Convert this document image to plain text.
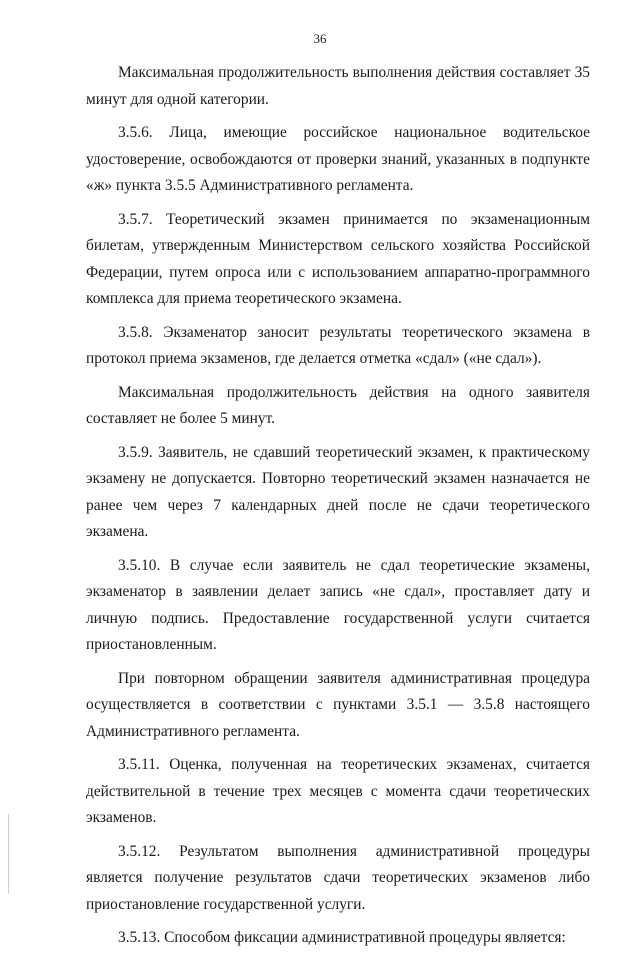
36

Максимальная продолжительность выполнения действия составляет 35 минут для одной категории.

3.5.6. Лица, имеющие российское национальное водительское удостоверение, освобождаются от проверки знаний, указанных в подпункте «ж» пункта 3.5.5 Административного регламента.

3.5.7. Теоретический экзамен принимается по экзаменационным билетам, утвержденным Министерством сельского хозяйства Российской Федерации, путем опроса или с использованием аппаратно-программного комплекса для приема теоретического экзамена.

3.5.8. Экзаменатор заносит результаты теоретического экзамена в протокол приема экзаменов, где делается отметка «сдал» («не сдал»).

Максимальная продолжительность действия на одного заявителя составляет не более 5 минут.

3.5.9. Заявитель, не сдавший теоретический экзамен, к практическому экзамену не допускается. Повторно теоретический экзамен назначается не ранее чем через 7 календарных дней после не сдачи теоретического экзамена.

3.5.10. В случае если заявитель не сдал теоретические экзамены, экзаменатор в заявлении делает запись «не сдал», проставляет дату и личную подпись. Предоставление государственной услуги считается приостановленным.

При повторном обращении заявителя административная процедура осуществляется в соответствии с пунктами 3.5.1 — 3.5.8 настоящего Административного регламента.

3.5.11. Оценка, полученная на теоретических экзаменах, считается действительной в течение трех месяцев с момента сдачи теоретических экзаменов.

3.5.12. Результатом выполнения административной процедуры является получение результатов сдачи теоретических экзаменов либо приостановление государственной услуги.

3.5.13. Способом фиксации административной процедуры является:
